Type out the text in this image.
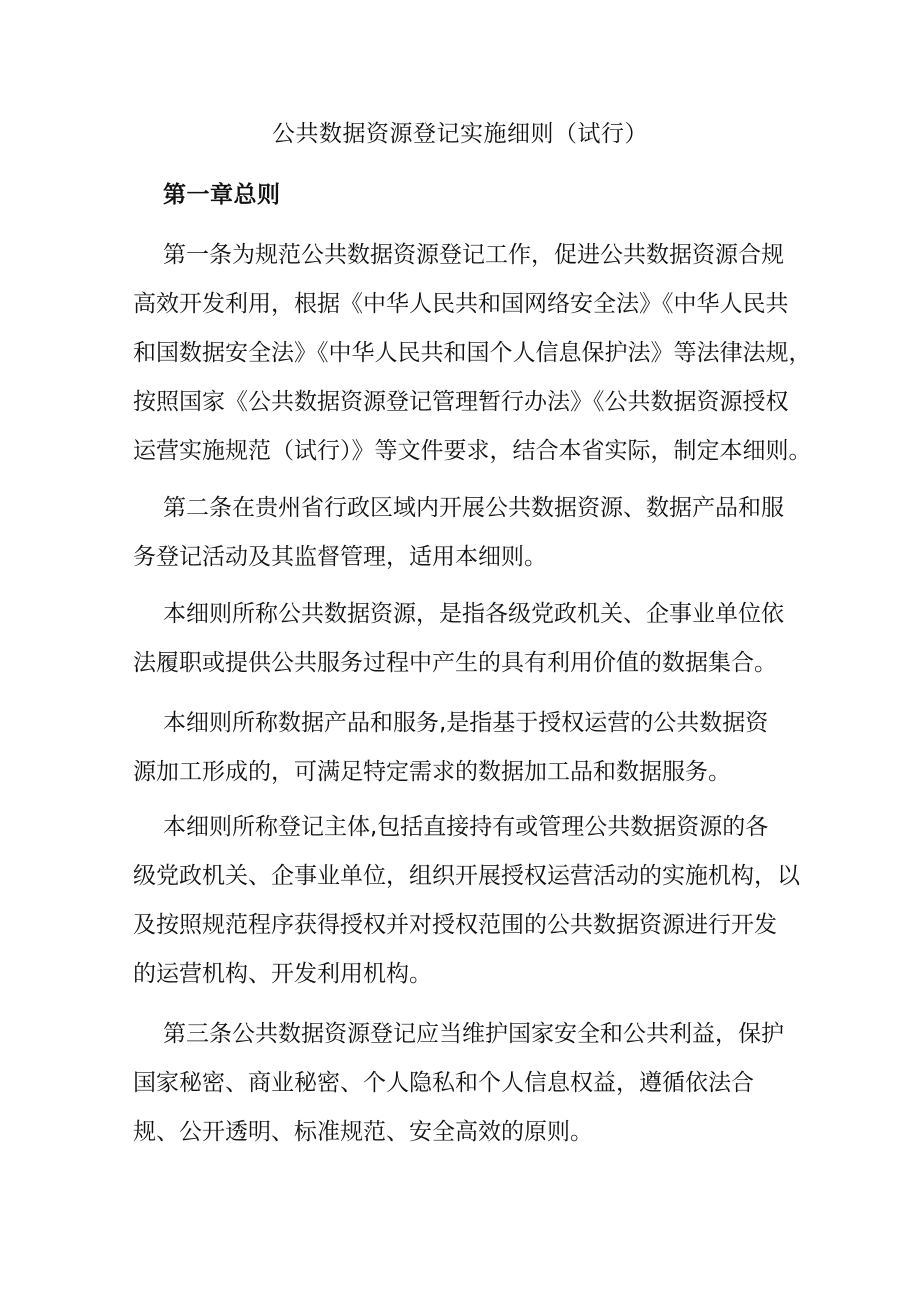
公共数据资源登记实施细则（试行）
第一章总则

第一条为规范公共数据资源登记工作，促进公共数据资源合规
高效开发利用，根据《中华人民共和国网络安全法》《中华人民共
和国数据安全法》《中华人民共和国个人信息保护法》等法律法规，
按照国家《公共数据资源登记管理暂行办法》《公共数据资源授权
运营实施规范（试行）》等文件要求，结合本省实际，制定本细则。

第二条在贵州省行政区域内开展公共数据资源、数据产品和服
务登记活动及其监督管理，适用本细则。

本细则所称公共数据资源，是指各级党政机关、企事业单位依
法履职或提供公共服务过程中产生的具有利用价值的数据集合。

本细则所称数据产品和服务,是指基于授权运营的公共数据资
源加工形成的，可满足特定需求的数据加工品和数据服务。

本细则所称登记主体,包括直接持有或管理公共数据资源的各
级党政机关、企事业单位，组织开展授权运营活动的实施机构，以
及按照规范程序获得授权并对授权范围的公共数据资源进行开发
的运营机构、开发利用机构。

第三条公共数据资源登记应当维护国家安全和公共利益，保护
国家秘密、商业秘密、个人隐私和个人信息权益，遵循依法合
规、公开透明、标准规范、安全高效的原则。
